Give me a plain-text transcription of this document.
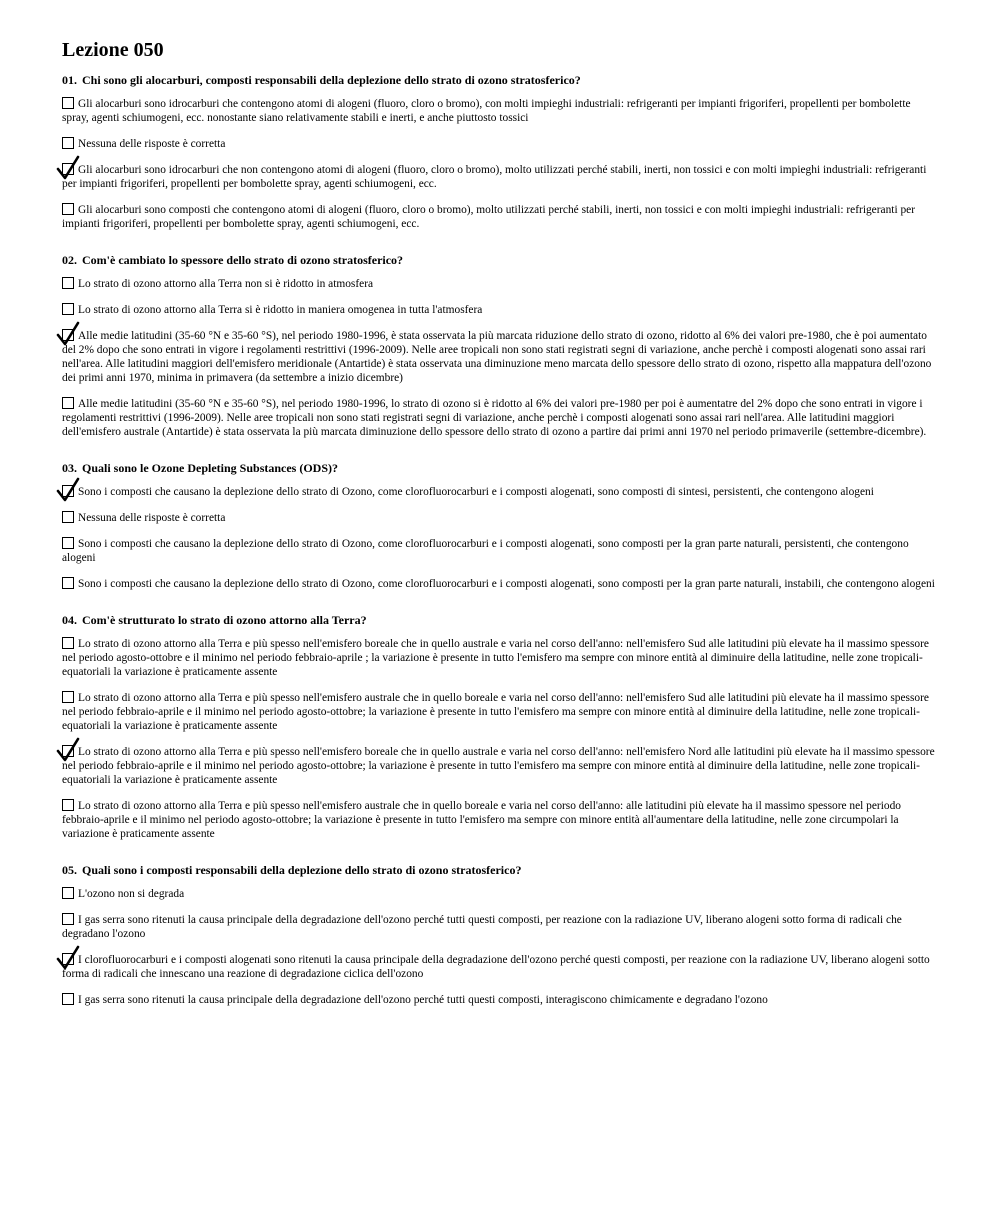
Lezione 050
01. Chi sono gli alocarburi, composti responsabili della deplezione dello strato di ozono stratosferico?
Gli alocarburi sono idrocarburi che contengono atomi di alogeni (fluoro, cloro o bromo), con molti impieghi industriali: refrigeranti per impianti frigoriferi, propellenti per bombolette spray, agenti schiumogeni, ecc. nonostante siano relativamente stabili e inerti, e anche piuttosto tossici
Nessuna delle risposte è corretta
Gli alocarburi sono idrocarburi che non contengono atomi di alogeni (fluoro, cloro o bromo), molto utilizzati perché stabili, inerti, non tossici e con molti impieghi industriali: refrigeranti per impianti frigoriferi, propellenti per bombolette spray, agenti schiumogeni, ecc.
Gli alocarburi sono composti che contengono atomi di alogeni (fluoro, cloro o bromo), molto utilizzati perché stabili, inerti, non tossici e con molti impieghi industriali: refrigeranti per impianti frigoriferi, propellenti per bombolette spray, agenti schiumogeni, ecc.
02. Com'è cambiato lo spessore dello strato di ozono stratosferico?
Lo strato di ozono attorno alla Terra non si è ridotto in atmosfera
Lo strato di ozono attorno alla Terra si è ridotto in maniera omogenea in tutta l'atmosfera
Alle medie latitudini (35-60 °N e 35-60 °S), nel periodo 1980-1996, è stata osservata la più marcata riduzione dello strato di ozono, ridotto al 6% dei valori pre-1980, che è poi aumentato del 2% dopo che sono entrati in vigore i regolamenti restrittivi (1996-2009). Nelle aree tropicali non sono stati registrati segni di variazione, anche perchè i composti alogenati sono assai rari nell'area. Alle latitudini maggiori dell'emisfero meridionale (Antartide) è stata osservata una diminuzione meno marcata dello spessore dello strato di ozono, rispetto alla mappatura dell'ozono dei primi anni 1970, minima in primavera (da settembre a inizio dicembre)
Alle medie latitudini (35-60 °N e 35-60 °S), nel periodo 1980-1996, lo strato di ozono si è ridotto al 6% dei valori pre-1980 per poi è aumentatre del 2% dopo che sono entrati in vigore i regolamenti restrittivi (1996-2009). Nelle aree tropicali non sono stati registrati segni di variazione, anche perchè i composti alogenati sono assai rari nell'area. Alle latitudini maggiori dell'emisfero australe (Antartide) è stata osservata la più marcata diminuzione dello spessore dello strato di ozono a partire dai primi anni 1970 nel periodo primaverile (settembre-dicembre).
03. Quali sono le Ozone Depleting Substances (ODS)?
Sono i composti che causano la deplezione dello strato di Ozono, come clorofluorocarburi e i composti alogenati, sono composti di sintesi, persistenti, che contengono alogeni
Nessuna delle risposte è corretta
Sono i composti che causano la deplezione dello strato di Ozono, come clorofluorocarburi e i composti alogenati, sono composti per la gran parte naturali, persistenti, che contengono alogeni
Sono i composti che causano la deplezione dello strato di Ozono, come clorofluorocarburi e i composti alogenati, sono composti per la gran parte naturali, instabili, che contengono alogeni
04. Com'è strutturato lo strato di ozono attorno alla Terra?
Lo strato di ozono attorno alla Terra e più spesso nell'emisfero boreale che in quello australe e varia nel corso dell'anno: nell'emisfero Sud alle latitudini più elevate ha il massimo spessore nel periodo agosto-ottobre e il minimo nel periodo febbraio-aprile ; la variazione è presente in tutto l'emisfero ma sempre con minore entità al diminuire della latitudine, nelle zone tropicali-equatoriali la variazione è praticamente assente
Lo strato di ozono attorno alla Terra e più spesso nell'emisfero australe che in quello boreale e varia nel corso dell'anno: nell'emisfero Sud alle latitudini più elevate ha il massimo spessore nel periodo febbraio-aprile e il minimo nel periodo agosto-ottobre; la variazione è presente in tutto l'emisfero ma sempre con minore entità al diminuire della latitudine, nelle zone tropicali-equatoriali la variazione è praticamente assente
Lo strato di ozono attorno alla Terra e più spesso nell'emisfero boreale che in quello australe e varia nel corso dell'anno: nell'emisfero Nord alle latitudini più elevate ha il massimo spessore nel periodo febbraio-aprile e il minimo nel periodo agosto-ottobre; la variazione è presente in tutto l'emisfero ma sempre con minore entità al diminuire della latitudine, nelle zone tropicali-equatoriali la variazione è praticamente assente
Lo strato di ozono attorno alla Terra e più spesso nell'emisfero australe che in quello boreale e varia nel corso dell'anno: alle latitudini più elevate ha il massimo spessore nel periodo febbraio-aprile e il minimo nel periodo agosto-ottobre; la variazione è presente in tutto l'emisfero ma sempre con minore entità all'aumentare della latitudine, nelle zone circumpolari la variazione è praticamente assente
05. Quali sono i composti responsabili della deplezione dello strato di ozono stratosferico?
L'ozono non si degrada
I gas serra sono ritenuti la causa principale della degradazione dell'ozono perché tutti questi composti, per reazione con la radiazione UV, liberano alogeni sotto forma di radicali che degradano l'ozono
I clorofluorocarburi e i composti alogenati sono ritenuti la causa principale della degradazione dell'ozono perché questi composti, per reazione con la radiazione UV, liberano alogeni sotto forma di radicali che innescano una reazione di degradazione ciclica dell'ozono
I gas serra sono ritenuti la causa principale della degradazione dell'ozono perché tutti questi composti, interagiscono chimicamente e degradano l'ozono
